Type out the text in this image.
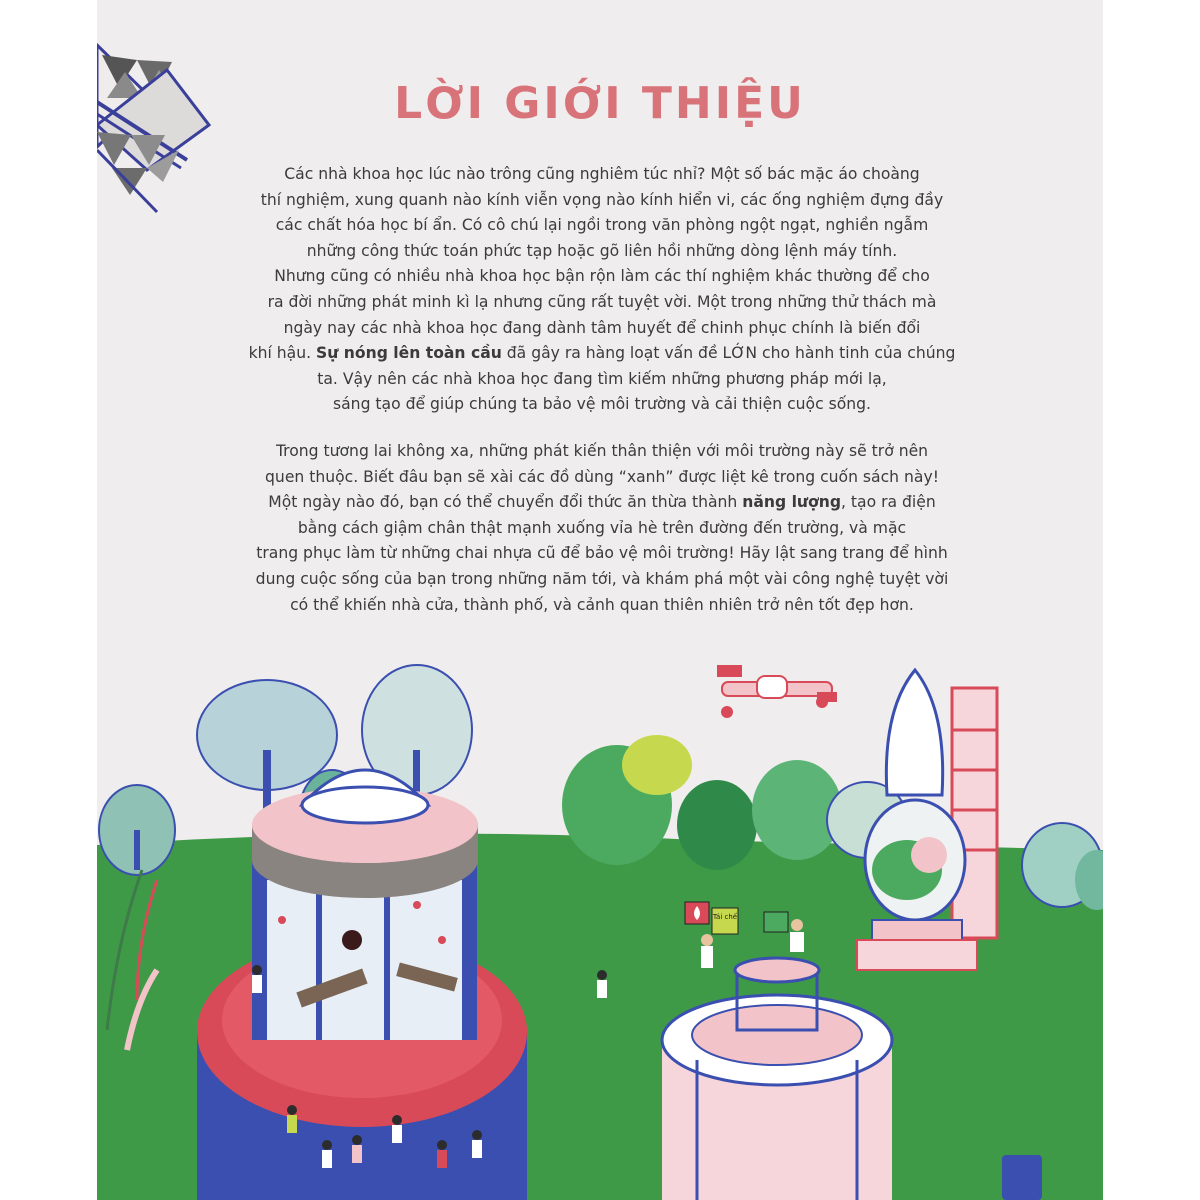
LỜI GIỚI THIỆU
Các nhà khoa học lúc nào trông cũng nghiêm túc nhỉ? Một số bác mặc áo choàng
thí nghiệm, xung quanh nào kính viễn vọng nào kính hiển vi, các ống nghiệm đựng đầy
các chất hóa học bí ẩn. Có cô chú lại ngồi trong văn phòng ngột ngạt, nghiền ngẫm
những công thức toán phức tạp hoặc gõ liên hồi những dòng lệnh máy tính.
Nhưng cũng có nhiều nhà khoa học bận rộn làm các thí nghiệm khác thường để cho
ra đời những phát minh kì lạ nhưng cũng rất tuyệt vời. Một trong những thử thách mà
ngày nay các nhà khoa học đang dành tâm huyết để chinh phục chính là biến đổi
khí hậu. Sự nóng lên toàn cầu đã gây ra hàng loạt vấn đề LỚN cho hành tinh của chúng
ta. Vậy nên các nhà khoa học đang tìm kiếm những phương pháp mới lạ,
sáng tạo để giúp chúng ta bảo vệ môi trường và cải thiện cuộc sống.
Trong tương lai không xa, những phát kiến thân thiện với môi trường này sẽ trở nên
quen thuộc. Biết đâu bạn sẽ xài các đồ dùng “xanh” được liệt kê trong cuốn sách này!
Một ngày nào đó, bạn có thể chuyển đổi thức ăn thừa thành năng lượng, tạo ra điện
bằng cách giậm chân thật mạnh xuống vỉa hè trên đường đến trường, và mặc
trang phục làm từ những chai nhựa cũ để bảo vệ môi trường! Hãy lật sang trang để hình
dung cuộc sống của bạn trong những năm tới, và khám phá một vài công nghệ tuyệt vời
có thể khiến nhà cửa, thành phố, và cảnh quan thiên nhiên trở nên tốt đẹp hơn.
Tái chế
